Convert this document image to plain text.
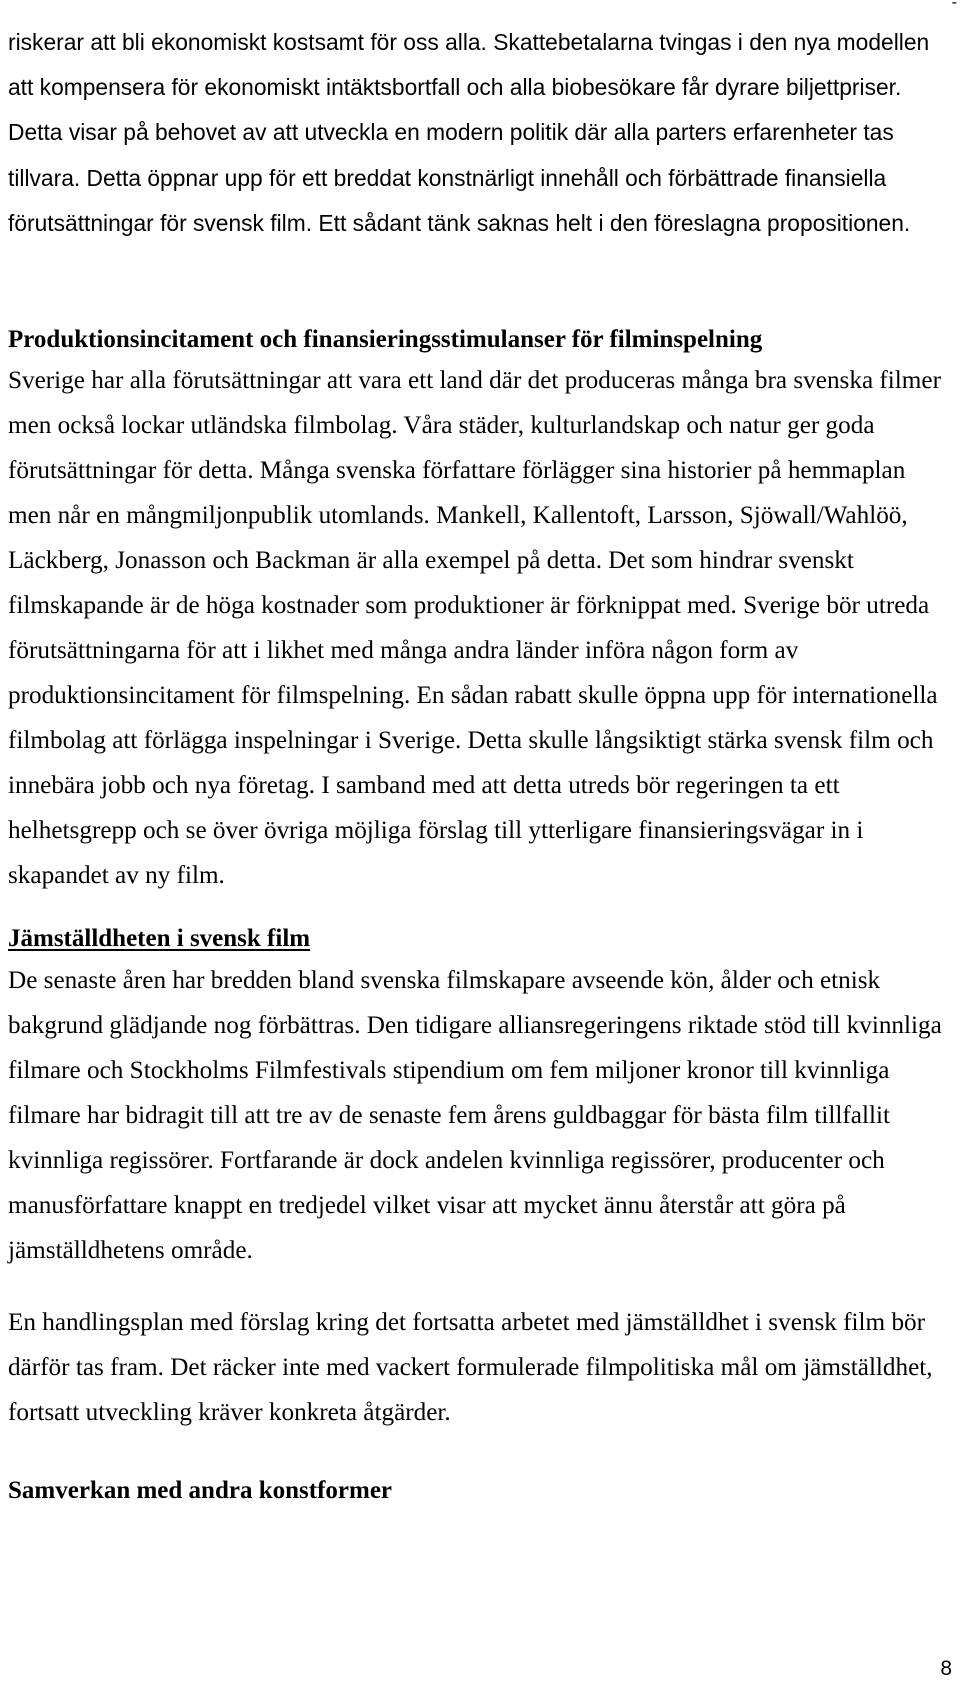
-

riskerar att bli ekonomiskt kostsamt för oss alla. Skattebetalarna tvingas i den nya modellen att kompensera för ekonomiskt intäktsbortfall och alla biobesökare får dyrare biljettpriser. Detta visar på behovet av att utveckla en modern politik där alla parters erfarenheter tas tillvara. Detta öppnar upp för ett breddat konstnärligt innehåll och förbättrade finansiella förutsättningar för svensk film. Ett sådant tänk saknas helt i den föreslagna propositionen.

Produktionsincitament och finansieringsstimulanser för filminspelning

Sverige har alla förutsättningar att vara ett land där det produceras många bra svenska filmer men också lockar utländska filmbolag. Våra städer, kulturlandskap och natur ger goda förutsättningar för detta. Många svenska författare förlägger sina historier på hemmaplan men når en mångmiljonpublik utomlands. Mankell, Kallentoft, Larsson, Sjöwall/Wahlöö, Läckberg, Jonasson och Backman är alla exempel på detta. Det som hindrar svenskt filmskapande är de höga kostnader som produktioner är förknippat med. Sverige bör utreda förutsättningarna för att i likhet med många andra länder införa någon form av produktionsincitament för filmspelning. En sådan rabatt skulle öppna upp för internationella filmbolag att förlägga inspelningar i Sverige. Detta skulle långsiktigt stärka svensk film och innebära jobb och nya företag. I samband med att detta utreds bör regeringen ta ett helhetsgrepp och se över övriga möjliga förslag till ytterligare finansieringsvägar in i skapandet av ny film.

Jämställdheten i svensk film

De senaste åren har bredden bland svenska filmskapare avseende kön, ålder och etnisk bakgrund glädjande nog förbättras. Den tidigare alliansregeringens riktade stöd till kvinnliga filmare och Stockholms Filmfestivals stipendium om fem miljoner kronor till kvinnliga filmare har bidragit till att tre av de senaste fem årens guldbaggar för bästa film tillfallit kvinnliga regissörer. Fortfarande är dock andelen kvinnliga regissörer, producenter och manusförfattare knappt en tredjedel vilket visar att mycket ännu återstår att göra på jämställdhetens område.

En handlingsplan med förslag kring det fortsatta arbetet med jämställdhet i svensk film bör därför tas fram. Det räcker inte med vackert formulerade filmpolitiska mål om jämställdhet, fortsatt utveckling kräver konkreta åtgärder.

Samverkan med andra konstformer
8
